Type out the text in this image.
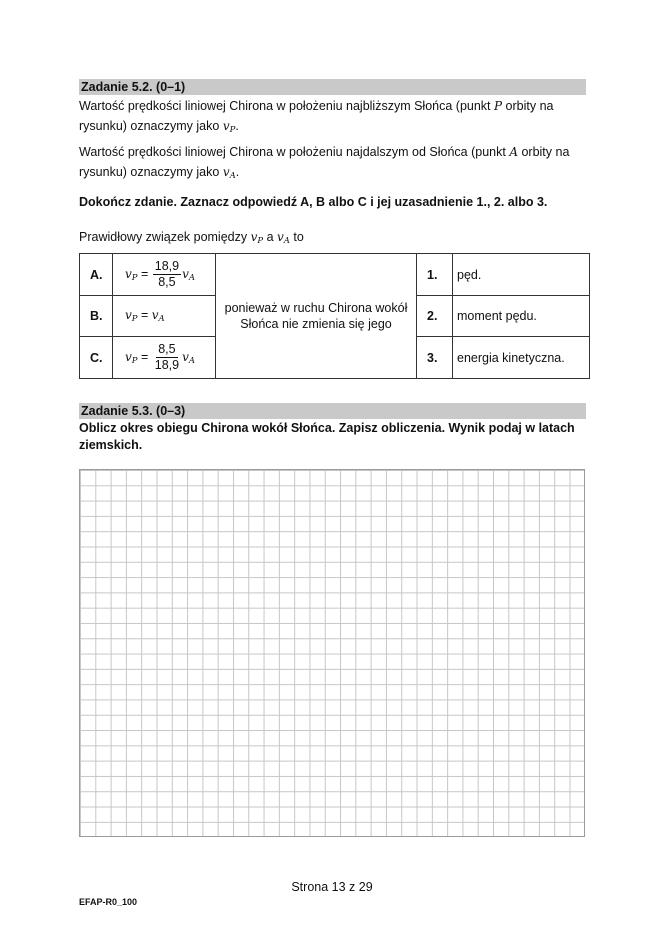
Zadanie 5.2. (0–1)
Wartość prędkości liniowej Chirona w położeniu najbliższym Słońca (punkt P orbity na rysunku) oznaczymy jako $v_P$.
Wartość prędkości liniowej Chirona w położeniu najdalszym od Słońca (punkt A orbity na rysunku) oznaczymy jako $v_A$.
Dokończ zdanie. Zaznacz odpowiedź A, B albo C i jej uzasadnienie 1., 2. albo 3.
Prawidłowy związek pomiędzy $v_P$ a $v_A$ to
A.	$v_P = \frac{18,9}{8,5} v_A$	ponieważ w ruchu Chirona wokół Słońca nie zmienia się jego	1.	pęd.
B.	$v_P = v_A$		2.	moment pędu.
C.	$v_P = \frac{8,5}{18,9} v_A$		3.	energia kinetyczna.
Zadanie 5.3. (0–3)
Oblicz okres obiegu Chirona wokół Słońca. Zapisz obliczenia. Wynik podaj w latach ziemskich.
Strona 13 z 29
EFAP-R0_100
